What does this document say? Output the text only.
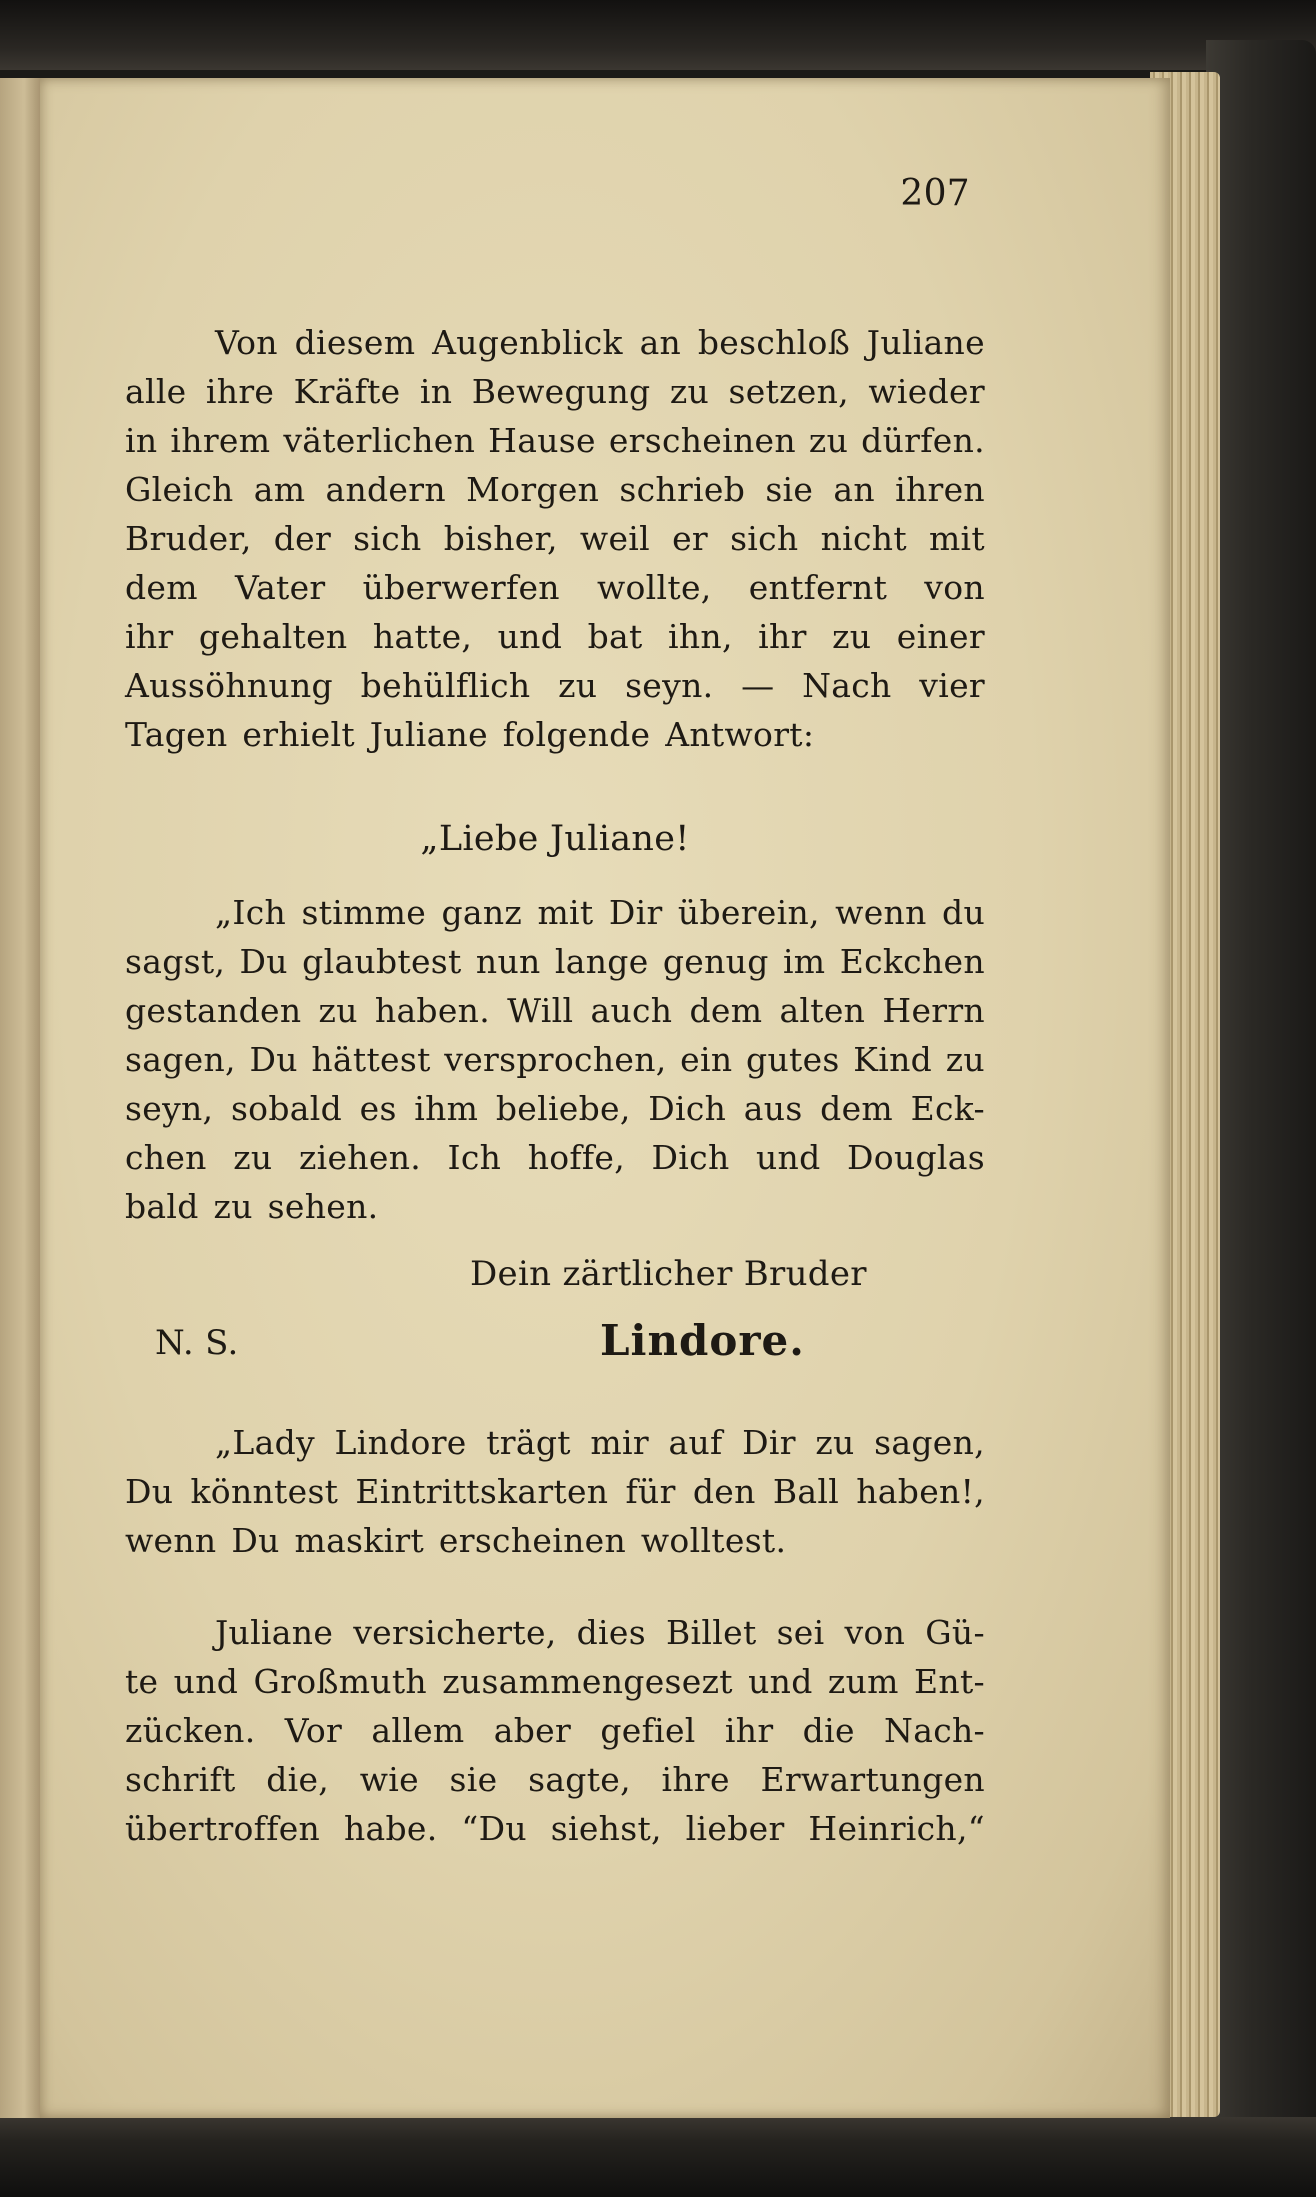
207
Von diesem Augenblick an beschloß Juliane
alle ihre Kräfte in Bewegung zu setzen, wieder
in ihrem väterlichen Hause erscheinen zu dürfen.
Gleich am andern Morgen schrieb sie an ihren
Bruder, der sich bisher, weil er sich nicht mit
dem Vater überwerfen wollte, entfernt von
ihr gehalten hatte, und bat ihn, ihr zu einer
Aussöhnung behülflich zu seyn. — Nach vier
Tagen erhielt Juliane folgende Antwort:
„Liebe Juliane!
„Ich stimme ganz mit Dir überein, wenn du
sagst, Du glaubtest nun lange genug im Eckchen
gestanden zu haben. Will auch dem alten Herrn
sagen, Du hättest versprochen, ein gutes Kind zu
seyn, sobald es ihm beliebe, Dich aus dem Eck-
chen zu ziehen. Ich hoffe, Dich und Douglas
bald zu sehen.
Dein zärtlicher Bruder
N. S.	Lindore.
„Lady Lindore trägt mir auf Dir zu sagen,
Du könntest Eintrittskarten für den Ball haben!,
wenn Du maskirt erscheinen wolltest.
Juliane versicherte, dies Billet sei von Gü-
te und Großmuth zusammengesezt und zum Ent-
zücken. Vor allem aber gefiel ihr die Nach-
schrift die, wie sie sagte, ihre Erwartungen
übertroffen habe. “Du siehst, lieber Heinrich,“
